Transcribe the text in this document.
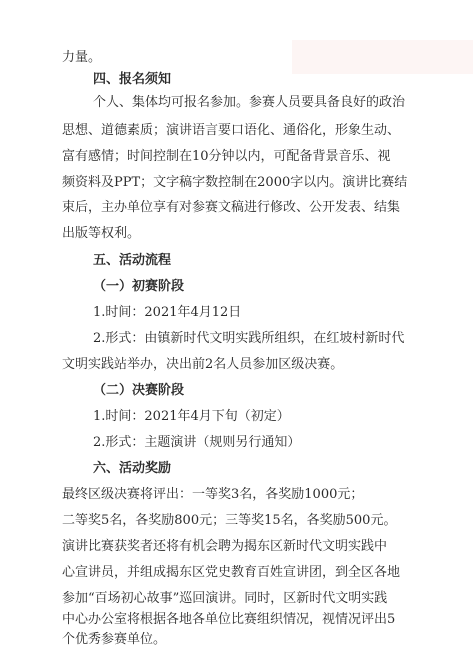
力量。
四、报名须知
个人、集体均可报名参加。参赛人员要具备良好的政治
思想、道德素质；演讲语言要口语化、通俗化，形象生动、
富有感情；时间控制在10分钟以内，可配备背景音乐、视
频资料及PPT；文字稿字数控制在2000字以内。演讲比赛结
束后，主办单位享有对参赛文稿进行修改、公开发表、结集
出版等权利。
五、活动流程
（一）初赛阶段
1.时间：2021年4月12日
2.形式：由镇新时代文明实践所组织，在红坡村新时代
文明实践站举办，决出前2名人员参加区级决赛。
（二）决赛阶段
1.时间：2021年4月下旬（初定）
2.形式：主题演讲（规则另行通知）
六、活动奖励
最终区级决赛将评出：一等奖3名，各奖励1000元；
二等奖5名，各奖励800元；三等奖15名，各奖励500元。
演讲比赛获奖者还将有机会聘为揭东区新时代文明实践中
心宣讲员，并组成揭东区党史教育百姓宣讲团，到全区各地
参加“百场初心故事”巡回演讲。同时，区新时代文明实践
中心办公室将根据各地各单位比赛组织情况，视情况评出5
个优秀参赛单位。
